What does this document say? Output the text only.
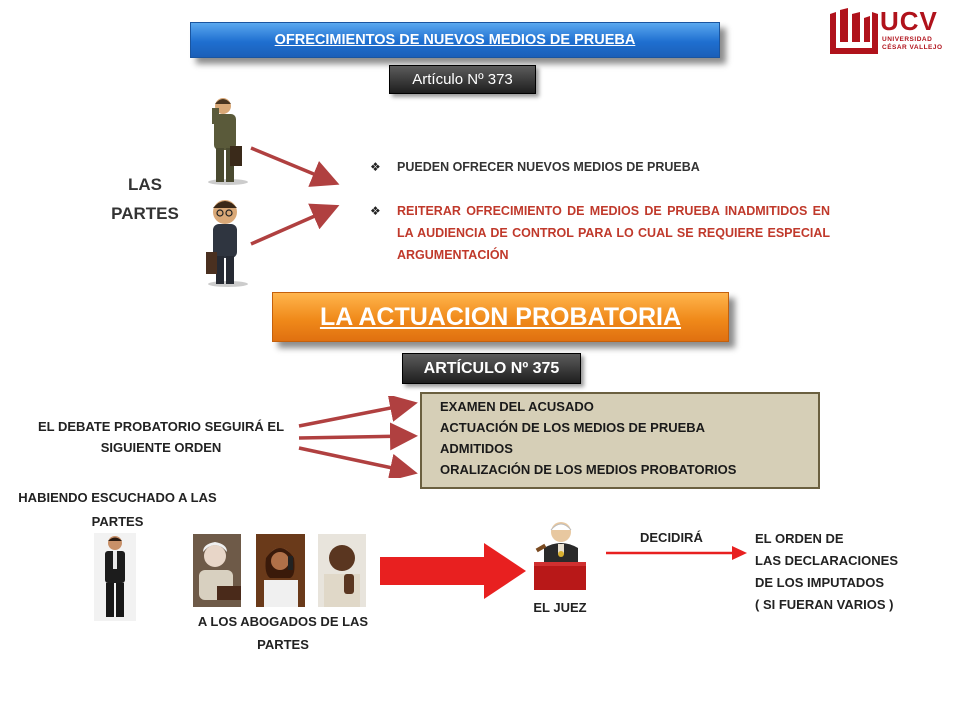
OFRECIMIENTOS DE NUEVOS MEDIOS DE PRUEBA
Artículo Nº 373
UCV
UNIVERSIDAD
CÉSAR VALLEJO
LAS PARTES
❖ PUEDEN OFRECER NUEVOS MEDIOS DE PRUEBA
❖ REITERAR OFRECIMIENTO DE MEDIOS DE PRUEBA INADMITIDOS EN LA AUDIENCIA DE CONTROL PARA LO CUAL SE REQUIERE ESPECIAL ARGUMENTACIÓN
LA ACTUACION PROBATORIA
ARTÍCULO Nº 375
EL DEBATE PROBATORIO SEGUIRÁ EL SIGUIENTE ORDEN
EXAMEN DEL ACUSADO
ACTUACIÓN DE LOS MEDIOS DE PRUEBA
ADMITIDOS
ORALIZACIÓN DE LOS MEDIOS PROBATORIOS
HABIENDO ESCUCHADO A LAS PARTES
EL JUEZ
DECIDIRÁ	EL ORDEN DE
LAS DECLARACIONES
DE LOS IMPUTADOS
( SI FUERAN VARIOS )
A LOS ABOGADOS DE LAS PARTES
